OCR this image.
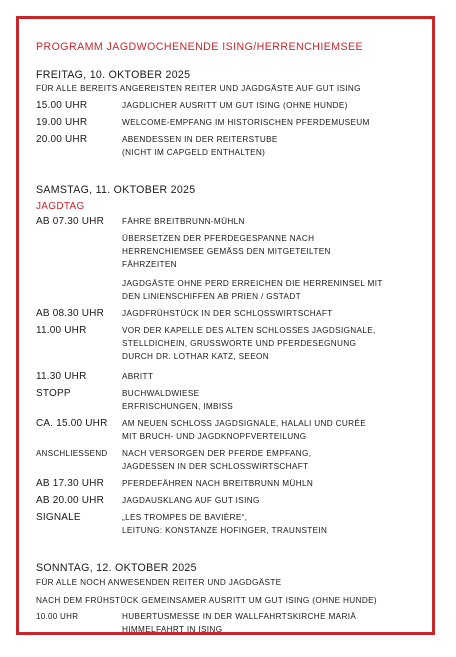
PROGRAMM JAGDWOCHENENDE ISING/HERRENCHIEMSEE
FREITAG, 10. OKTOBER 2025
FÜR ALLE BEREITS ANGEREISTEN REITER UND JAGDGÄSTE AUF GUT ISING
15.00 UHR	JAGDLICHER AUSRITT UM GUT ISING (OHNE HUNDE)
19.00 UHR	WELCOME-EMPFANG IM HISTORISCHEN PFERDEMUSEUM
20.00 UHR	ABENDESSEN IN DER REITERSTUBE
(NICHT IM CAPGELD ENTHALTEN)
SAMSTAG, 11. OKTOBER 2025
JAGDTAG
AB 07.30 UHR	FÄHRE BREITBRUNN-MÜHLN
ÜBERSETZEN DER PFERDEGESPANNE NACH
HERRENCHIEMSEE GEMÄSS DEN MITGETEILTEN
FÄHRZEITEN
JAGDGÄSTE OHNE PERD ERREICHEN DIE HERRENINSEL MIT
DEN LINIENSCHIFFEN AB PRIEN / GSTADT
AB 08.30 UHR	JAGDFRÜHSTÜCK IN DER SCHLOSSWIRTSCHAFT
11.00 UHR	VOR DER KAPELLE DES ALTEN SCHLOSSES JAGDSIGNALE,
STELLDICHEIN, GRUSSWORTE UND PFERDESEGNUNG
DURCH DR. LOTHAR KATZ, SEEON
11.30 UHR	ABRITT
STOPP	BUCHWALDWIESE
ERFRISCHUNGEN, IMBISS
CA. 15.00 UHR	AM NEUEN SCHLOSS JAGDSIGNALE, HALALI UND CURÉE
MIT BRUCH- UND JAGDKNOPFVERTEILUNG
ANSCHLIESSEND	NACH VERSORGEN DER PFERDE EMPFANG,
JAGDESSEN IN DER SCHLOSSWIRTSCHAFT
AB 17.30 UHR	PFERDEFÄHREN NACH BREITBRUNN MÜHLN
AB 20.00 UHR	JAGDAUSKLANG AUF GUT ISING
SIGNALE	„LES TROMPES DE BAVIÈRE“,
LEITUNG: KONSTANZE HOFINGER, TRAUNSTEIN
SONNTAG, 12. OKTOBER 2025
FÜR ALLE NOCH ANWESENDEN REITER UND JAGDGÄSTE
NACH DEM FRÜHSTÜCK GEMEINSAMER AUSRITT UM GUT ISING (OHNE HUNDE)
10.00 UHR	HUBERTUSMESSE IN DER WALLFAHRTSKIRCHE MARIÄ
HIMMELFAHRT IN ISING
